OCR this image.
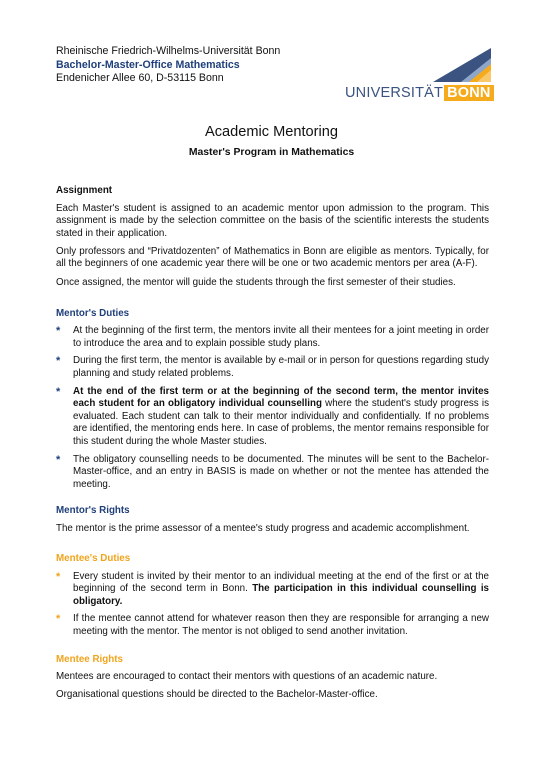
Rheinische Friedrich-Wilhelms-Universität Bonn
Bachelor-Master-Office Mathematics
Endenicher Allee 60, D-53115 Bonn
UNIVERSITÄT BONN
Academic Mentoring
Master's Program in Mathematics
Assignment

Each Master's student is assigned to an academic mentor upon admission to the program. This assignment is made by the selection committee on the basis of the scientific interests the students stated in their application.

Only professors and “Privatdozenten” of Mathematics in Bonn are eligible as mentors. Typically, for all the beginners of one academic year there will be one or two academic mentors per area (A-F).

Once assigned, the mentor will guide the students through the first semester of their studies.

Mentor's Duties
* At the beginning of the first term, the mentors invite all their mentees for a joint meeting in order to introduce the area and to explain possible study plans.
* During the first term, the mentor is available by e-mail or in person for questions regarding study planning and study related problems.
* At the end of the first term or at the beginning of the second term, the mentor invites each student for an obligatory individual counselling where the student's study progress is evaluated. Each student can talk to their mentor individually and confidentially. If no problems are identified, the mentoring ends here. In case of problems, the mentor remains responsible for this student during the whole Master studies.
* The obligatory counselling needs to be documented. The minutes will be sent to the Bachelor-Master-office, and an entry in BASIS is made on whether or not the mentee has attended the meeting.
Mentor's Rights

The mentor is the prime assessor of a mentee's study progress and academic accomplishment.

Mentee's Duties
* Every student is invited by their mentor to an individual meeting at the end of the first or at the beginning of the second term in Bonn. The participation in this individual counselling is obligatory.
* If the mentee cannot attend for whatever reason then they are responsible for arranging a new meeting with the mentor. The mentor is not obliged to send another invitation.
Mentee Rights

Mentees are encouraged to contact their mentors with questions of an academic nature.

Organisational questions should be directed to the Bachelor-Master-office.
